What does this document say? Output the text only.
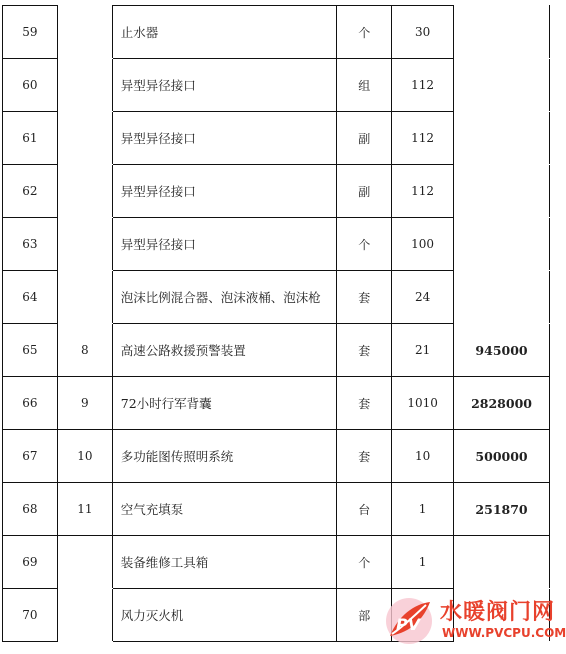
59		止水器	个	30	
60		异型异径接口	组	112	
61		异型异径接口	副	112	
62		异型异径接口	副	112	
63		异型异径接口	个	100	
64		泡沫比例混合器、泡沫液桶、泡沫枪	套	24	
65	8	高速公路救援预警装置	套	21	945000
66	9	72小时行军背囊	套	1010	2828000
67	10	多功能图传照明系统	套	10	500000
68	11	空气充填泵	台	1	251870
69		装备维修工具箱	个	1	
70		风力灭火机	部		PV 水暖阀门网
WWW.PVCPU.COM
